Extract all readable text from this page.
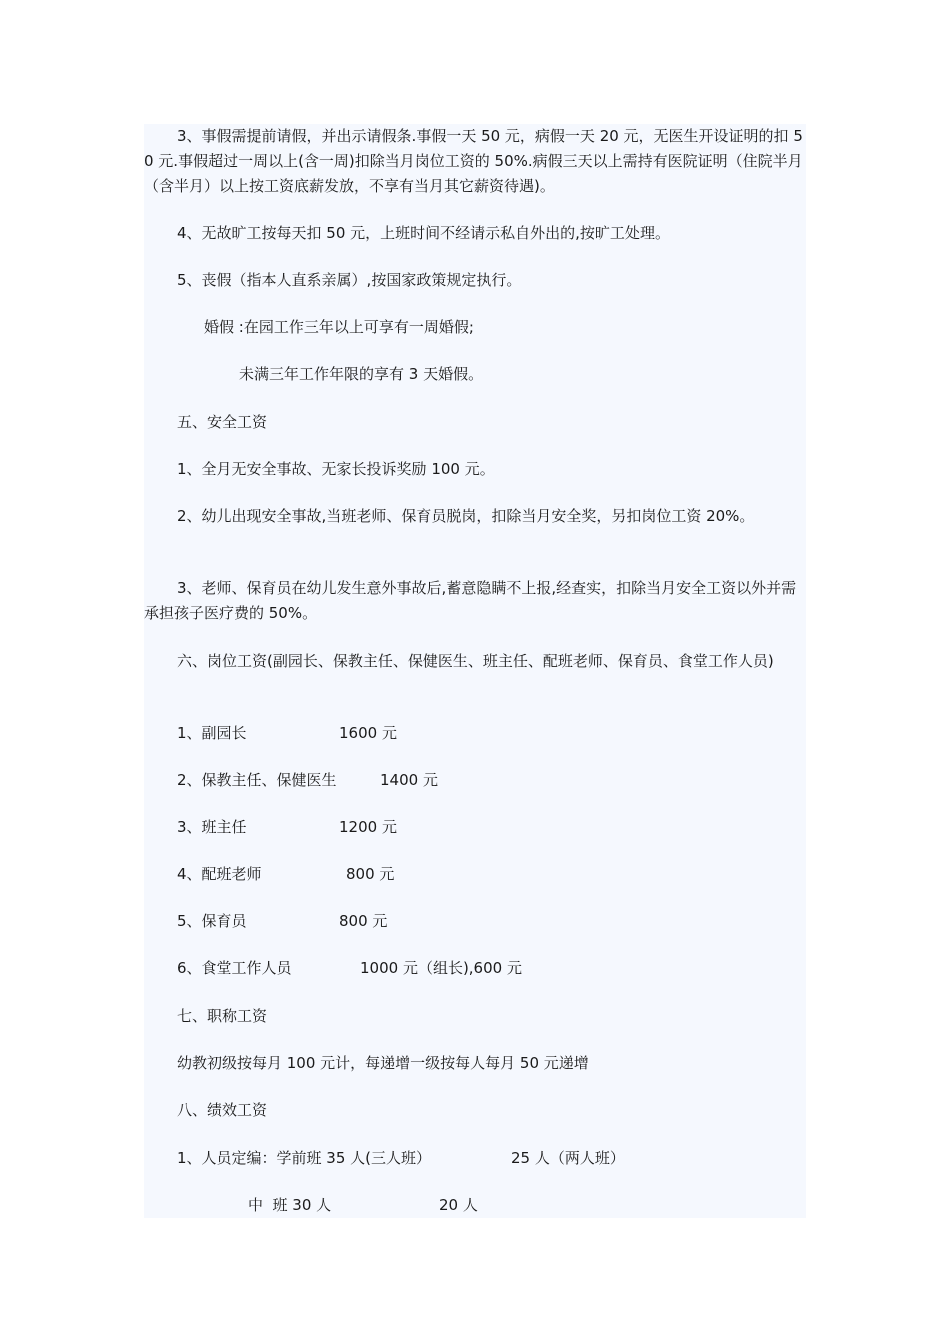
3、事假需提前请假，并出示请假条.事假一天 50 元，病假一天 20 元，无医生开设证明的扣 50 元.事假超过一周以上(含一周)扣除当月岗位工资的 50%.病假三天以上需持有医院证明（住院半月（含半月）以上按工资底薪发放，不享有当月其它薪资待遇)。

4、无故旷工按每天扣 50 元，上班时间不经请示私自外出的,按旷工处理。

5、丧假（指本人直系亲属）,按国家政策规定执行。

婚假 :在园工作三年以上可享有一周婚假;

未满三年工作年限的享有 3 天婚假。

五、安全工资

1、全月无安全事故、无家长投诉奖励 100 元。

2、幼儿出现安全事故,当班老师、保育员脱岗，扣除当月安全奖，另扣岗位工资 20%。

3、老师、保育员在幼儿发生意外事故后,蓄意隐瞒不上报,经查实，扣除当月安全工资以外并需承担孩子医疗费的 50%。

六、岗位工资(副园长、保教主任、保健医生、班主任、配班老师、保育员、食堂工作人员)

1、副园长	1600 元
2、保教主任、保健医生	1400 元
3、班主任	1200 元
4、配班老师	800 元
5、保育员	800 元
6、食堂工作人员	1000 元（组长),600 元

七、职称工资

幼教初级按每月 100 元计，每递增一级按每人每月 50 元递增

八、绩效工资

1、人员定编：学前班 35 人(三人班）	25 人（两人班）
中  班 30 人	20 人
